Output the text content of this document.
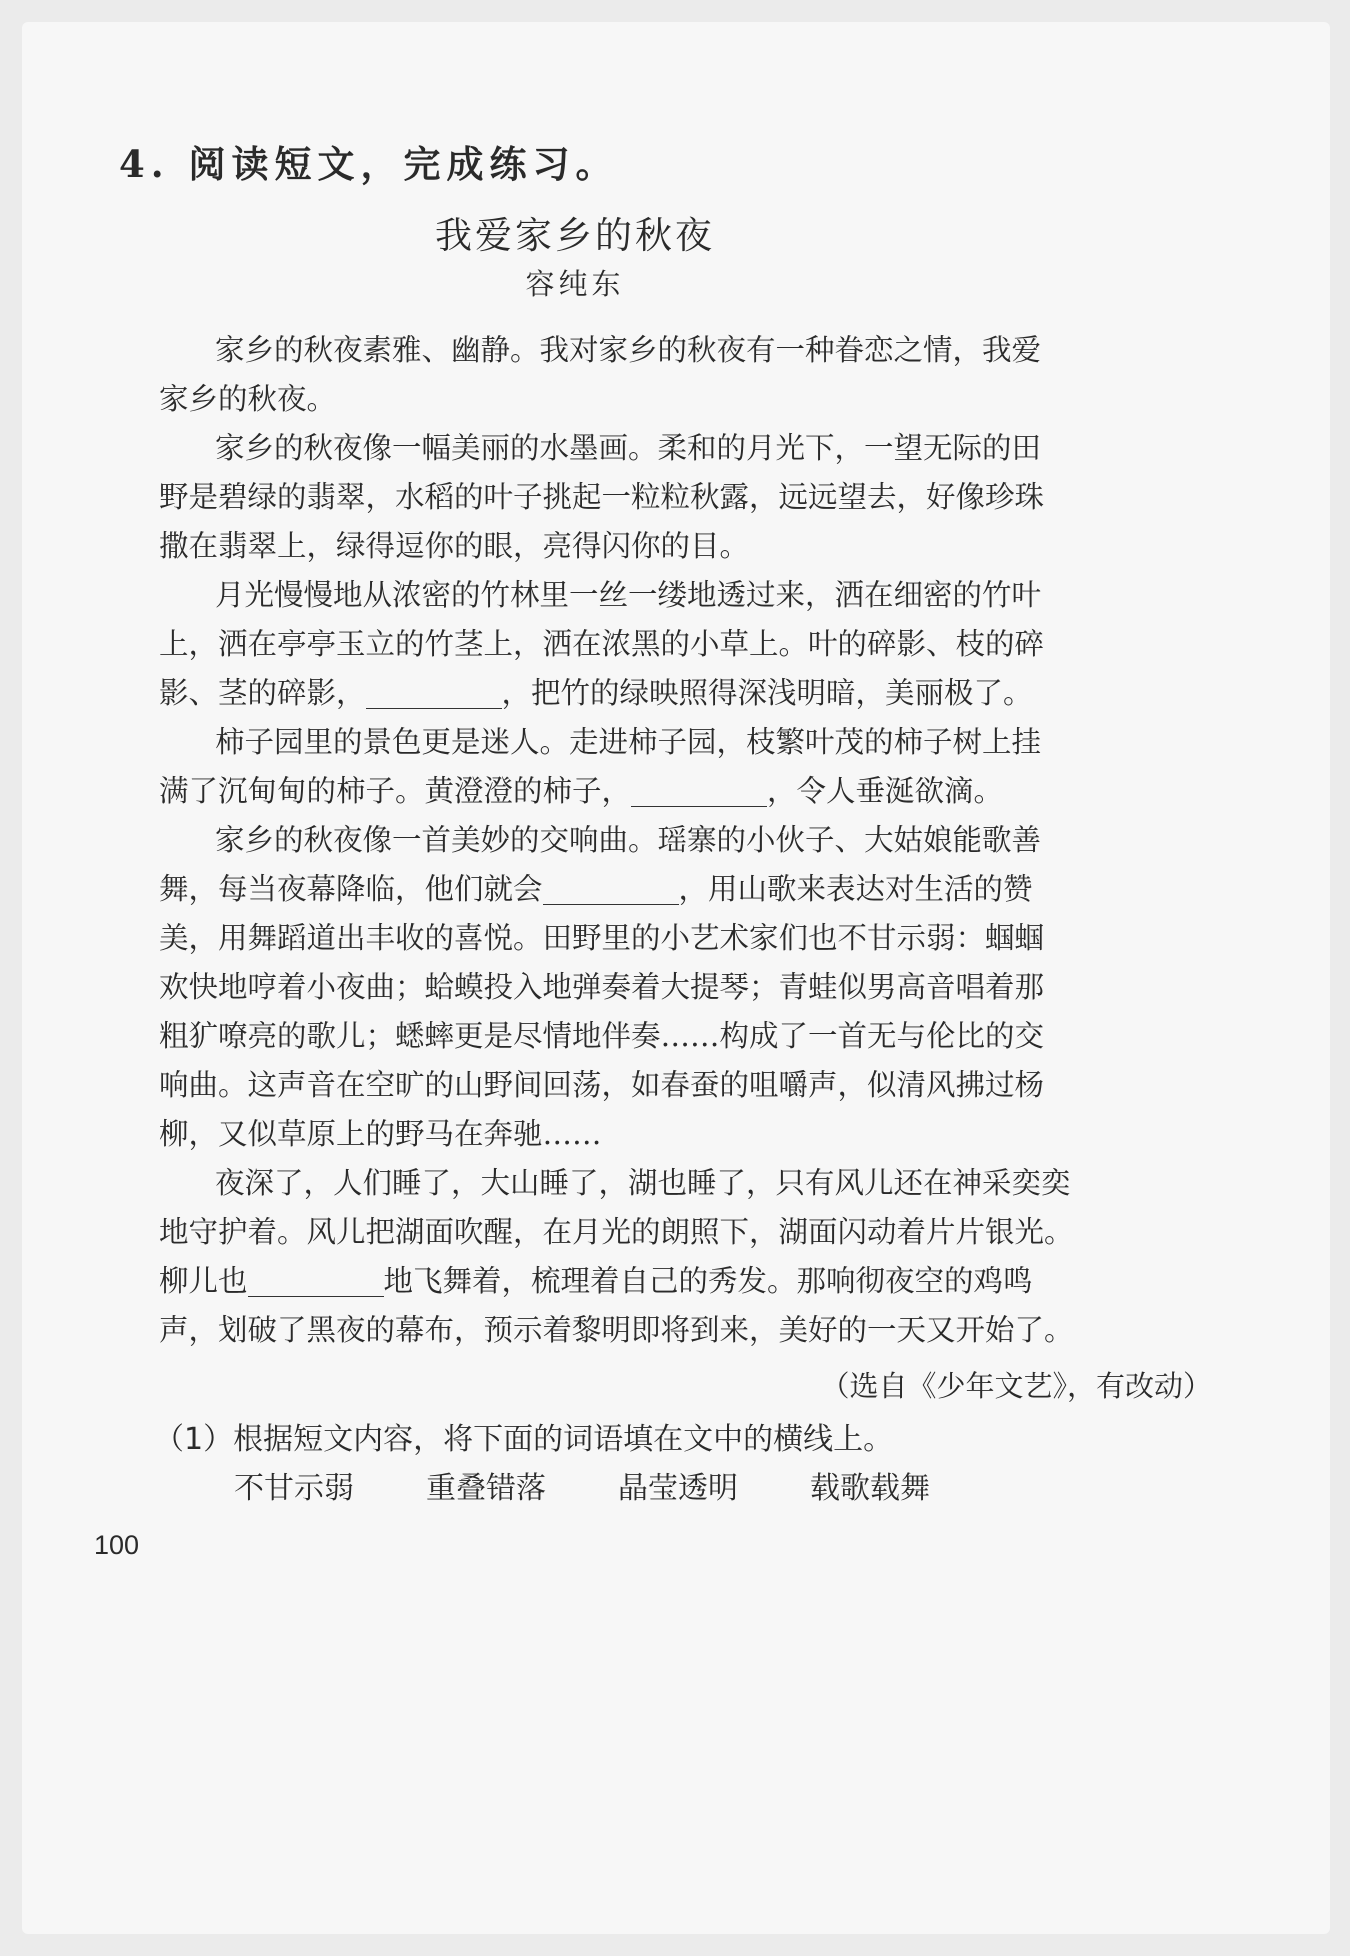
4. 阅读短文，完成练习。
我爱家乡的秋夜
容纯东
家乡的秋夜素雅、幽静。我对家乡的秋夜有一种眷恋之情，我爱
家乡的秋夜。
家乡的秋夜像一幅美丽的水墨画。柔和的月光下，一望无际的田
野是碧绿的翡翠，水稻的叶子挑起一粒粒秋露，远远望去，好像珍珠
撒在翡翠上，绿得逗你的眼，亮得闪你的目。
月光慢慢地从浓密的竹林里一丝一缕地透过来，洒在细密的竹叶
上，洒在亭亭玉立的竹茎上，洒在浓黑的小草上。叶的碎影、枝的碎
影、茎的碎影，	，把竹的绿映照得深浅明暗，美丽极了。
柿子园里的景色更是迷人。走进柿子园，枝繁叶茂的柿子树上挂
满了沉甸甸的柿子。黄澄澄的柿子，	，令人垂涎欲滴。
家乡的秋夜像一首美妙的交响曲。瑶寨的小伙子、大姑娘能歌善
舞，每当夜幕降临，他们就会	，用山歌来表达对生活的赞
美，用舞蹈道出丰收的喜悦。田野里的小艺术家们也不甘示弱：蝈蝈
欢快地哼着小夜曲；蛤蟆投入地弹奏着大提琴；青蛙似男高音唱着那
粗犷嘹亮的歌儿；蟋蟀更是尽情地伴奏……构成了一首无与伦比的交
响曲。这声音在空旷的山野间回荡，如春蚕的咀嚼声，似清风拂过杨
柳，又似草原上的野马在奔驰……
夜深了，人们睡了，大山睡了，湖也睡了，只有风儿还在神采奕奕
地守护着。风儿把湖面吹醒，在月光的朗照下，湖面闪动着片片银光。
柳儿也	地飞舞着，梳理着自己的秀发。那响彻夜空的鸡鸣
声，划破了黑夜的幕布，预示着黎明即将到来，美好的一天又开始了。
（选自《少年文艺》，有改动）
（1）根据短文内容，将下面的词语填在文中的横线上。
不甘示弱 重叠错落 晶莹透明 载歌载舞
100
